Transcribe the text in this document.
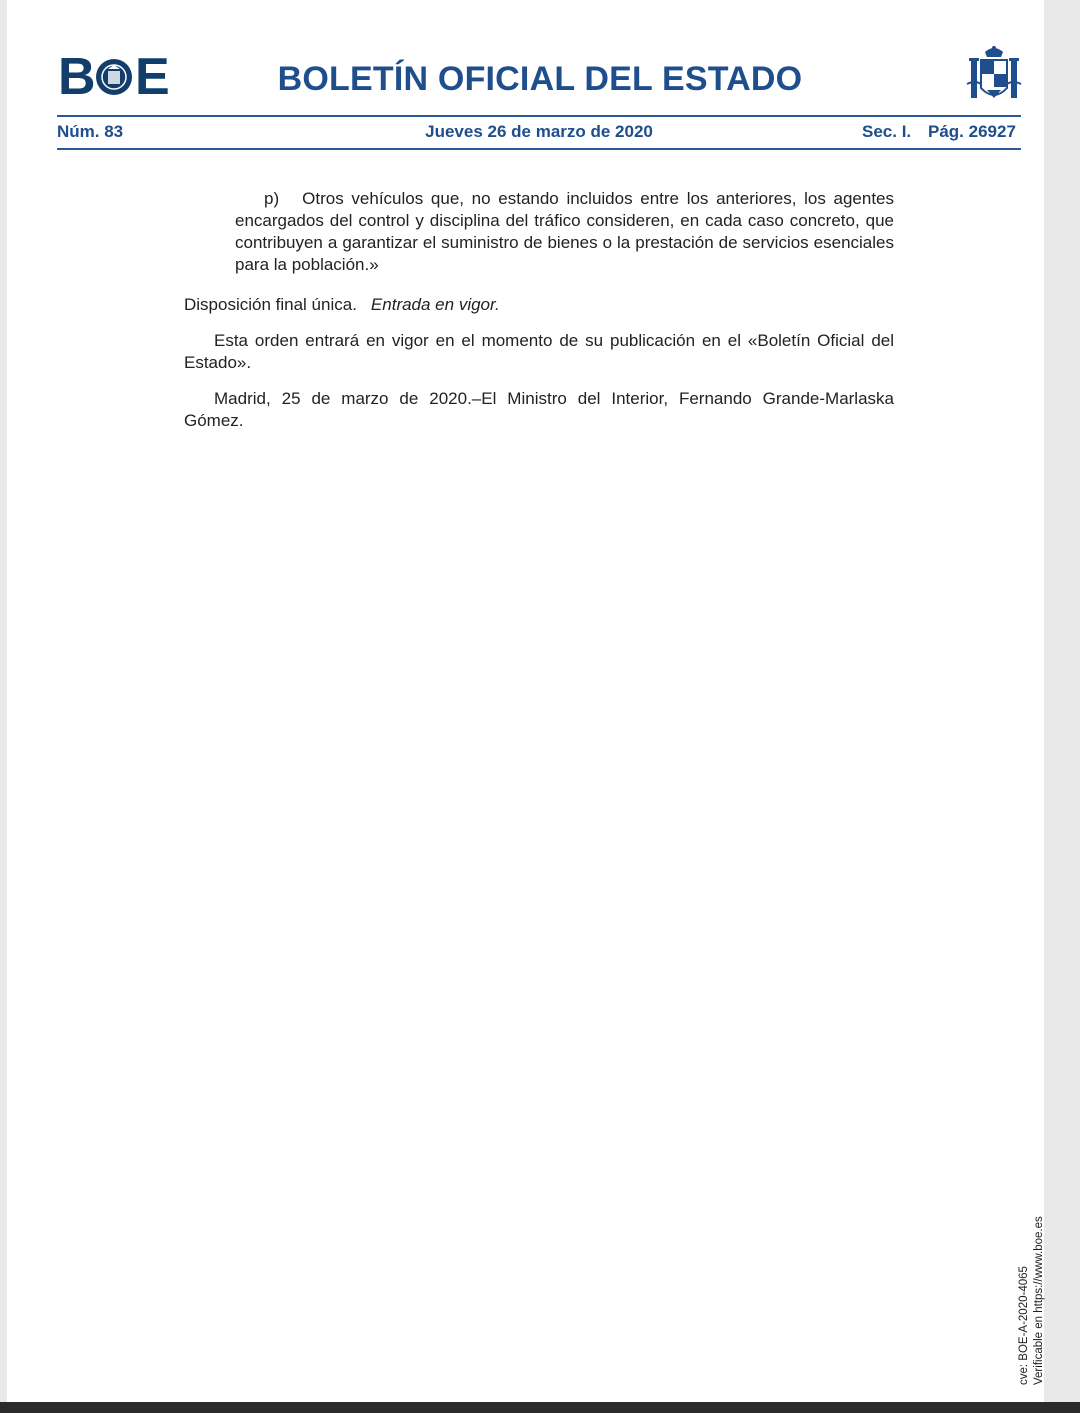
B E	BOLETÍN OFICIAL DEL ESTADO
Núm. 83	Jueves 26 de marzo de 2020	Sec. I. Pág. 26927

p) Otros vehículos que, no estando incluidos entre los anteriores, los agentes encargados del control y disciplina del tráfico consideren, en cada caso concreto, que contribuyen a garantizar el suministro de bienes o la prestación de servicios esenciales para la población.»

Disposición final única. Entrada en vigor.

Esta orden entrará en vigor en el momento de su publicación en el «Boletín Oficial del Estado».

Madrid, 25 de marzo de 2020.–El Ministro del Interior, Fernando Grande-Marlaska Gómez.

cve: BOE-A-2020-4065 Verificable en https://www.boe.es
